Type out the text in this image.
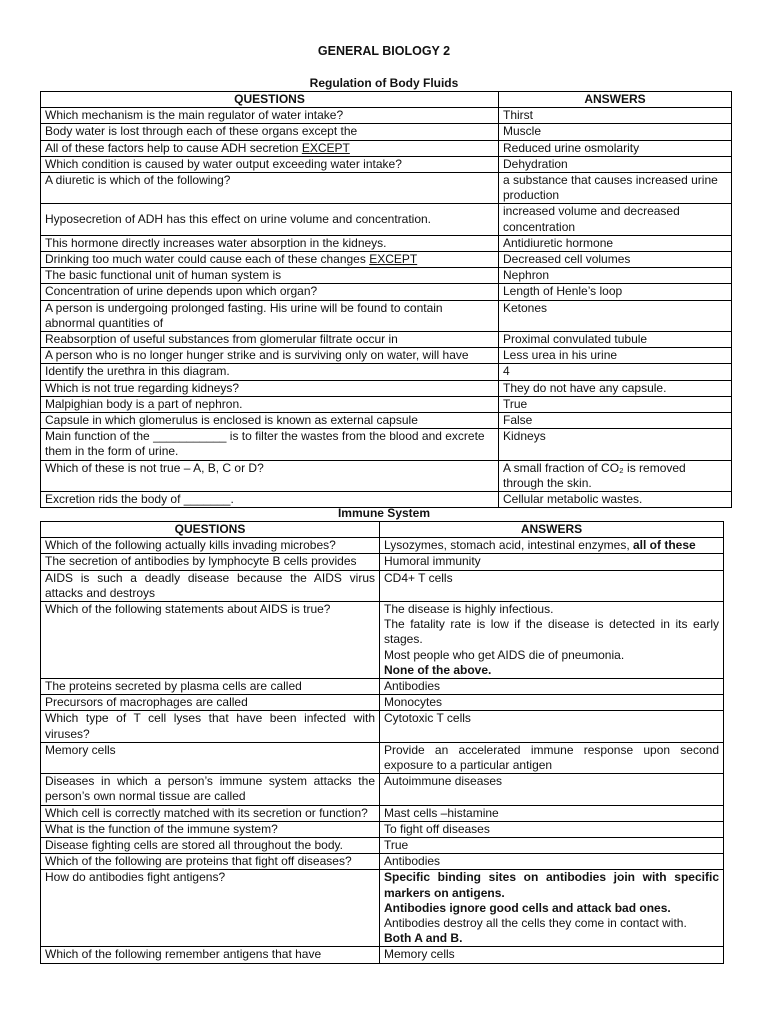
GENERAL BIOLOGY 2
Regulation of Body Fluids
QUESTIONS	ANSWERS
Which mechanism is the main regulator of water intake?	Thirst
Body water is lost through each of these organs except the	Muscle
All of these factors help to cause ADH secretion EXCEPT	Reduced urine osmolarity
Which condition is caused by water output exceeding water intake?	Dehydration
A diuretic is which of the following?	a substance that causes increased urine production
Hyposecretion of ADH has this effect on urine volume and concentration.	increased volume and decreased concentration
This hormone directly increases water absorption in the kidneys.	Antidiuretic hormone
Drinking too much water could cause each of these changes EXCEPT	Decreased cell volumes
The basic functional unit of human system is	Nephron
Concentration of urine depends upon which organ?	Length of Henle’s loop
A person is undergoing prolonged fasting. His urine will be found to contain abnormal quantities of	Ketones
Reabsorption of useful substances from glomerular filtrate occur in	Proximal convulated tubule
A person who is no longer hunger strike and is surviving only on water, will have	Less urea in his urine
Identify the urethra in this diagram.	4
Which is not true regarding kidneys?	They do not have any capsule.
Malpighian body is a part of nephron.	True
Capsule in which glomerulus is enclosed is known as external capsule	False
Main function of the ___________ is to filter the wastes from the blood and excrete them in the form of urine.	Kidneys
Which of these is not true – A, B, C or D?	A small fraction of CO₂ is removed through the skin.
Excretion rids the body of _______.	Cellular metabolic wastes.
Immune System
QUESTIONS	ANSWERS
Which of the following actually kills invading microbes?	Lysozymes, stomach acid, intestinal enzymes, all of these
The secretion of antibodies by lymphocyte B cells provides	Humoral immunity
AIDS is such a deadly disease because the AIDS virus attacks and destroys	CD4+ T cells
Which of the following statements about AIDS is true?	The disease is highly infectious.
The fatality rate is low if the disease is detected in its early stages.
Most people who get AIDS die of pneumonia.
None of the above.

The proteins secreted by plasma cells are called	Antibodies
Precursors of macrophages are called	Monocytes
Which type of T cell lyses that have been infected with viruses?	Cytotoxic T cells
Memory cells	Provide an accelerated immune response upon second exposure to a particular antigen
Diseases in which a person’s immune system attacks the person’s own normal tissue are called	Autoimmune diseases
Which cell is correctly matched with its secretion or function?	Mast cells –histamine
What is the function of the immune system?	To fight off diseases
Disease fighting cells are stored all throughout the body.	True
Which of the following are proteins that fight off diseases?	Antibodies
How do antibodies fight antigens?	Specific binding sites on antibodies join with specific markers on antigens.
Antibodies ignore good cells and attack bad ones.
Antibodies destroy all the cells they come in contact with.
Both A and B.

Which of the following remember antigens that have	Memory cells
